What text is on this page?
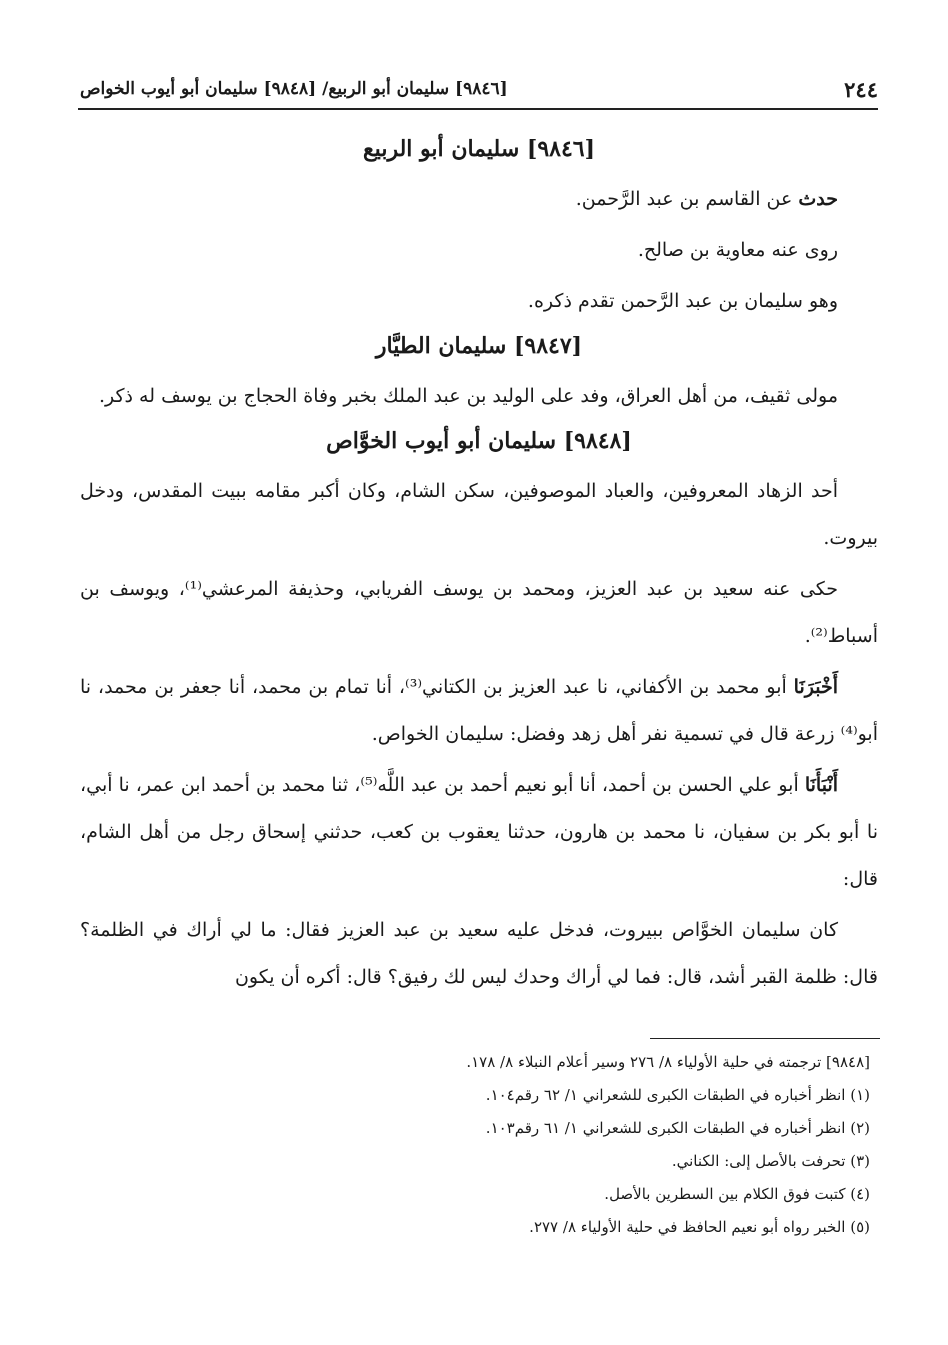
٢٤٤
[٩٨٤٦] سليمان أبو الربيع/ [٩٨٤٨] سليمان أبو أيوب الخواص
[٩٨٤٦] سليمان أبو الربيع

حدث عن القاسم بن عبد الرَّحمن.

روى عنه معاوية بن صالح.

وهو سليمان بن عبد الرَّحمن تقدم ذكره.

[٩٨٤٧] سليمان الطيَّار

مولى ثقيف، من أهل العراق، وفد على الوليد بن عبد الملك بخبر وفاة الحجاج بن يوسف له ذكر.

[٩٨٤٨] سليمان أبو أيوب الخوَّاص

أحد الزهاد المعروفين، والعباد الموصوفين، سكن الشام، وكان أكبر مقامه ببيت المقدس، ودخل بيروت.

حكى عنه سعيد بن عبد العزيز، ومحمد بن يوسف الفريابي، وحذيفة المرعشي⁽¹⁾، ويوسف بن أسباط⁽²⁾.

أَخْبَرَنَا أبو محمد بن الأكفاني، نا عبد العزيز بن الكتاني⁽³⁾، أنا تمام بن محمد، أنا جعفر بن محمد، نا أبو⁽⁴⁾ زرعة قال في تسمية نفر أهل زهد وفضل: سليمان الخواص.

أَنْبَأَنَا أبو علي الحسن بن أحمد، أنا أبو نعيم أحمد بن عبد اللَّه⁽⁵⁾، ثنا محمد بن أحمد ابن عمر، نا أبي، نا أبو بكر بن سفيان، نا محمد بن هارون، حدثنا يعقوب بن كعب، حدثني إسحاق رجل من أهل الشام، قال:

كان سليمان الخوَّاص ببيروت، فدخل عليه سعيد بن عبد العزيز فقال: ما لي أراك في الظلمة؟ قال: ظلمة القبر أشد، قال: فما لي أراك وحدك ليس لك رفيق؟ قال: أكره أن يكون

[٩٨٤٨] ترجمته في حلية الأولياء ٨/ ٢٧٦ وسير أعلام النبلاء ٨/ ١٧٨.
(١) انظر أخباره في الطبقات الكبرى للشعراني ١/ ٦٢ رقم١٠٤.
(٢) انظر أخباره في الطبقات الكبرى للشعراني ١/ ٦١ رقم١٠٣.
(٣) تحرفت بالأصل إلى: الكناني.
(٤) كتبت فوق الكلام بين السطرين بالأصل.
(٥) الخبر رواه أبو نعيم الحافظ في حلية الأولياء ٨/ ٢٧٧.
